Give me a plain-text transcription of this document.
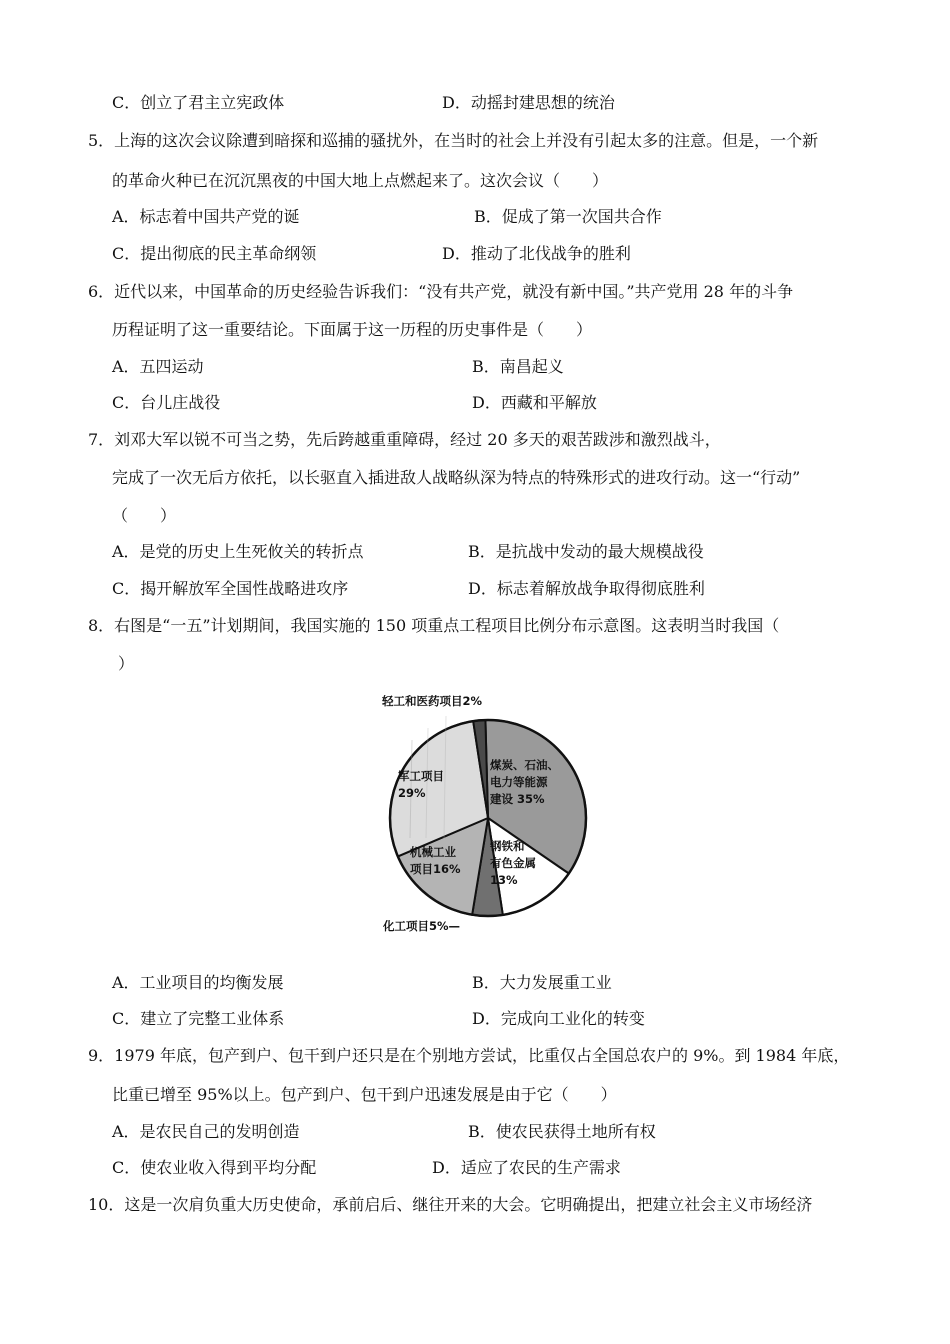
C．创立了君主立宪政体	D．动摇封建思想的统治
5．上海的这次会议除遭到暗探和巡捕的骚扰外，在当时的社会上并没有引起太多的注意。但是，一个新
的革命火种已在沉沉黑夜的中国大地上点燃起来了。这次会议（　　）
A．标志着中国共产党的诞	B．促成了第一次国共合作
C．提出彻底的民主革命纲领	D．推动了北伐战争的胜利
6．近代以来，中国革命的历史经验告诉我们：“没有共产党，就没有新中国。”共产党用 28 年的斗争
历程证明了这一重要结论。下面属于这一历程的历史事件是（　　）
A．五四运动	B．南昌起义
C．台儿庄战役	D．西藏和平解放
7．刘邓大军以锐不可当之势，先后跨越重重障碍，经过 20 多天的艰苦跋涉和激烈战斗，
完成了一次无后方依托，以长驱直入插进敌人战略纵深为特点的特殊形式的进攻行动。这一“行动”
（　　）
A．是党的历史上生死攸关的转折点	B．是抗战中发动的最大规模战役
C．揭开解放军全国性战略进攻序	D．标志着解放战争取得彻底胜利
8．右图是“一五”计划期间，我国实施的 150 项重点工程项目比例分布示意图。这表明当时我国（
）
轻工和医药项目2%
煤炭、石油、
电力等能源
建设 35%
钢铁和
有色金属
13%
化工项目5%—
机械工业
项目16%
军工项目
29%
A．工业项目的均衡发展	B．大力发展重工业
C．建立了完整工业体系	D．完成向工业化的转变
9．1979 年底，包产到户、包干到户还只是在个别地方尝试，比重仅占全国总农户的 9%。到 1984 年底，
比重已增至 95%以上。包产到户、包干到户迅速发展是由于它（　　）
A．是农民自己的发明创造	B．使农民获得土地所有权
C．使农业收入得到平均分配	D．适应了农民的生产需求
10．这是一次肩负重大历史使命，承前启后、继往开来的大会。它明确提出，把建立社会主义市场经济
